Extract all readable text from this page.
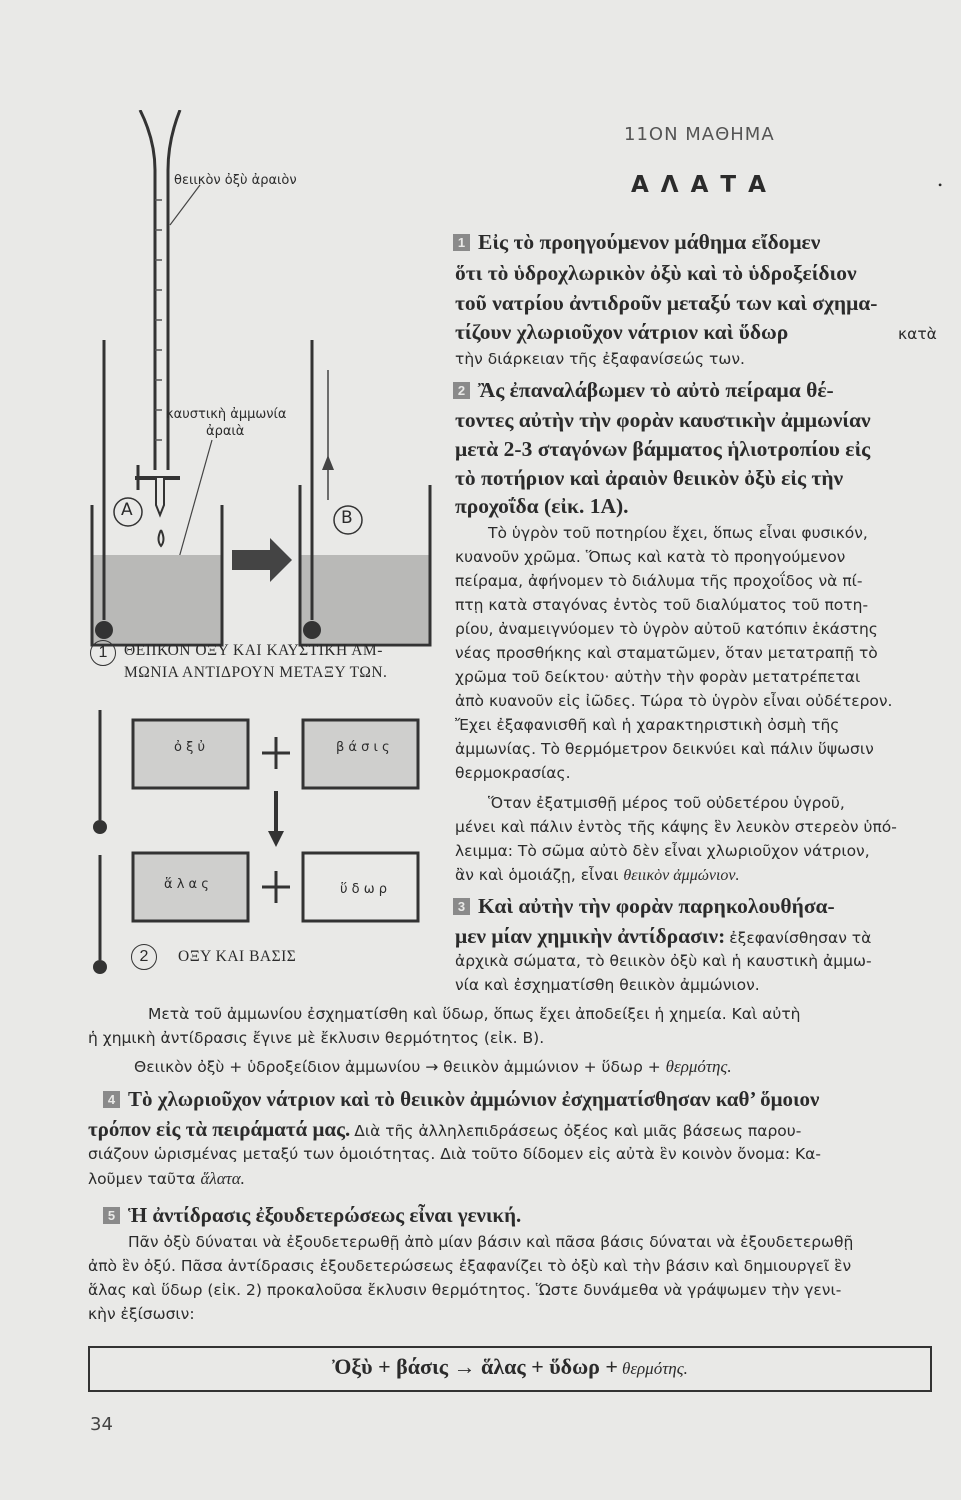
11ΟΝ ΜΑΘΗΜΑ
Α Λ Α Τ Α	•
θειικὸν ὀξὺ ἀραιὸν
καυστικὴ ἀμμωνία
ἀραιὰ
A	B
1	ΘΕΙΙΚΟΝ ΟΞΥ ΚΑΙ ΚΑΥΣΤΙΚΗ ΑΜ-
ΜΩΝΙΑ ΑΝΤΙΔΡΟΥΝ ΜΕΤΑΞΥ ΤΩΝ.
ὀ ξ ὐ	β ά σ ι ς
ἅ λ α ς	ὕ δ ω ρ
2	ΟΞΥ ΚΑΙ ΒΑΣΙΣ
1 Εἰς τὸ προηγούμενον μάθημα εἴδομεν
ὅτι τὸ ὑδροχλωρικὸν ὀξὺ καὶ τὸ ὑδροξείδιον
τοῦ νατρίου ἀντιδροῦν μεταξύ των καὶ σχημα-
τίζουν χλωριοῦχον νάτριον καὶ ὕδωρ	κατὰ
τὴν διάρκειαν τῆς ἐξαφανίσεώς των.
2 Ἂς ἐπαναλάβωμεν τὸ αὐτὸ πείραμα θέ-
τοντες αὐτὴν τὴν φορὰν καυστικὴν ἀμμωνίαν
μετὰ 2-3 σταγόνων βάμματος ἡλιοτροπίου εἰς
τὸ ποτήριον καὶ ἀραιὸν θειικὸν ὀξὺ εἰς τὴν
προχοΐδα (εἰκ. 1Α).
Τὸ ὑγρὸν τοῦ ποτηρίου ἔχει, ὅπως εἶναι φυσικόν,
κυανοῦν χρῶμα. Ὅπως καὶ κατὰ τὸ προηγούμενον
πείραμα, ἀφήνομεν τὸ διάλυμα τῆς προχοΐδος νὰ πί-
πτῃ κατὰ σταγόνας ἐντὸς τοῦ διαλύματος τοῦ ποτη-
ρίου, ἀναμειγνύομεν τὸ ὑγρὸν αὐτοῦ κατόπιν ἑκάστης
νέας προσθήκης καὶ σταματῶμεν, ὅταν μετατραπῇ τὸ
χρῶμα τοῦ δείκτου· αὐτὴν τὴν φορὰν μετατρέπεται
ἀπὸ κυανοῦν εἰς ἰῶδες. Τώρα τὸ ὑγρὸν εἶναι οὐδέτερον.
Ἔχει ἐξαφανισθῆ καὶ ἡ χαρακτηριστικὴ ὀσμὴ τῆς
ἀμμωνίας. Τὸ θερμόμετρον δεικνύει καὶ πάλιν ὕψωσιν
θερμοκρασίας.
Ὅταν ἐξατμισθῇ μέρος τοῦ οὐδετέρου ὑγροῦ,
μένει καὶ πάλιν ἐντὸς τῆς κάψης ἓν λευκὸν στερεὸν ὑπό-
λειμμα: Τὸ σῶμα αὐτὸ δὲν εἶναι χλωριοῦχον νάτριον,
ἂν καὶ ὁμοιάζῃ, εἶναι θειικὸν ἀμμώνιον.
3 Καὶ αὐτὴν τὴν φορὰν παρηκολουθήσα-
μεν μίαν χημικὴν ἀντίδρασιν: ἐξεφανίσθησαν τὰ
ἀρχικὰ σώματα, τὸ θειικὸν ὀξὺ καὶ ἡ καυστικὴ ἀμμω-
νία καὶ ἐσχηματίσθη θειικὸν ἀμμώνιον.
Μετὰ τοῦ ἀμμωνίου ἐσχηματίσθη καὶ ὕδωρ, ὅπως ἔχει ἀποδείξει ἡ χημεία. Καὶ αὐτὴ
ἡ χημικὴ ἀντίδρασις ἔγινε μὲ ἔκλυσιν θερμότητος (εἰκ. Β).
Θειικὸν ὀξὺ + ὑδροξείδιον ἀμμωνίου → θειικὸν ἀμμώνιον + ὕδωρ + θερμότης.
4 Τὸ χλωριοῦχον νάτριον καὶ τὸ θειικὸν ἀμμώνιον ἐσχηματίσθησαν καθ’ ὅμοιον
τρόπον εἰς τὰ πειράματά μας. Διὰ τῆς ἀλληλεπιδράσεως ὀξέος καὶ μιᾶς βάσεως παρου-
σιάζουν ὡρισμένας μεταξύ των ὁμοιότητας. Διὰ τοῦτο δίδομεν εἰς αὐτὰ ἓν κοινὸν ὄνομα: Κα-
λοῦμεν ταῦτα ἅλατα.
5 Ἡ ἀντίδρασις ἐξουδετερώσεως εἶναι γενική.
Πᾶν ὀξὺ δύναται νὰ ἐξουδετερωθῇ ἀπὸ μίαν βάσιν καὶ πᾶσα βάσις δύναται νὰ ἐξουδετερωθῇ
ἀπὸ ἓν ὀξύ. Πᾶσα ἀντίδρασις ἐξουδετερώσεως ἐξαφανίζει τὸ ὀξὺ καὶ τὴν βάσιν καὶ δημιουργεῖ ἓν
ἅλας καὶ ὕδωρ (εἰκ. 2) προκαλοῦσα ἔκλυσιν θερμότητος. Ὥστε δυνάμεθα νὰ γράψωμεν τὴν γενι-
κὴν ἐξίσωσιν:
Ὀξὺ + βάσις → ἅλας + ὕδωρ + θερμότης.
34
